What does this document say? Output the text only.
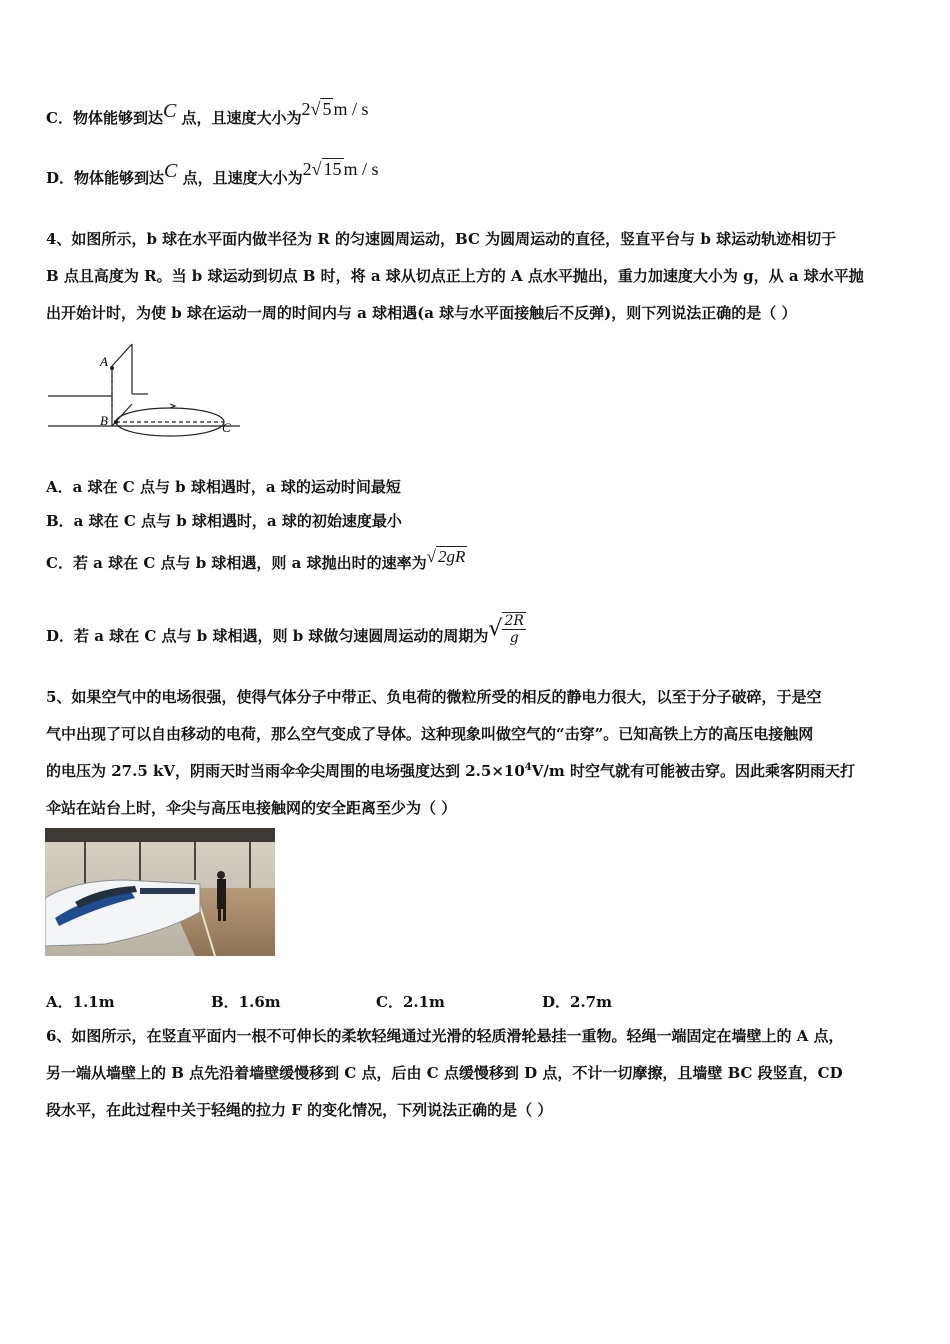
C．物体能够到达C 点，且速度大小为2√ 5 m / s
D．物体能够到达C 点，且速度大小为2√ 15 m / s
4、如图所示，b 球在水平面内做半径为 R 的匀速圆周运动，BC 为圆周运动的直径，竖直平台与 b 球运动轨迹相切于
B 点且高度为 R。当 b 球运动到切点 B 时，将 a 球从切点正上方的 A 点水平抛出，重力加速度大小为 g，从 a 球水平抛
出开始计时，为使 b 球在运动一周的时间内与 a 球相遇(a 球与水平面接触后不反弹)，则下列说法正确的是（ ）
A
B	C
A．a 球在 C 点与 b 球相遇时，a 球的运动时间最短
B．a 球在 C 点与 b 球相遇时，a 球的初始速度最小
C．若 a 球在 C 点与 b 球相遇，则 a 球抛出时的速率为√ 2gR
D．若 a 球在 C 点与 b 球相遇，则 b 球做匀速圆周运动的周期为√ $\frac{2R}{g}$
5、如果空气中的电场很强，使得气体分子中带正、负电荷的微粒所受的相反的静电力很大，以至于分子破碎，于是空
气中出现了可以自由移动的电荷，那么空气变成了导体。这种现象叫做空气的“击穿”。已知高铁上方的高压电接触网
的电压为 27.5 kV，阴雨天时当雨伞伞尖周围的电场强度达到 $2.5\times 10^4V/m$ 时空气就有可能被击穿。因此乘客阴雨天打
伞站在站台上时，伞尖与高压电接触网的安全距离至少为（ ）
A．1.1m	B．1.6m	C．2.1m	D．2.7m
6、如图所示，在竖直平面内一根不可伸长的柔软轻绳通过光滑的轻质滑轮悬挂一重物。轻绳一端固定在墙壁上的 A 点，
另一端从墙壁上的 B 点先沿着墙壁缓慢移到 C 点，后由 C 点缓慢移到 D 点，不计一切摩擦，且墙壁 BC 段竖直，CD
段水平，在此过程中关于轻绳的拉力 F 的变化情况，下列说法正确的是（ ）
